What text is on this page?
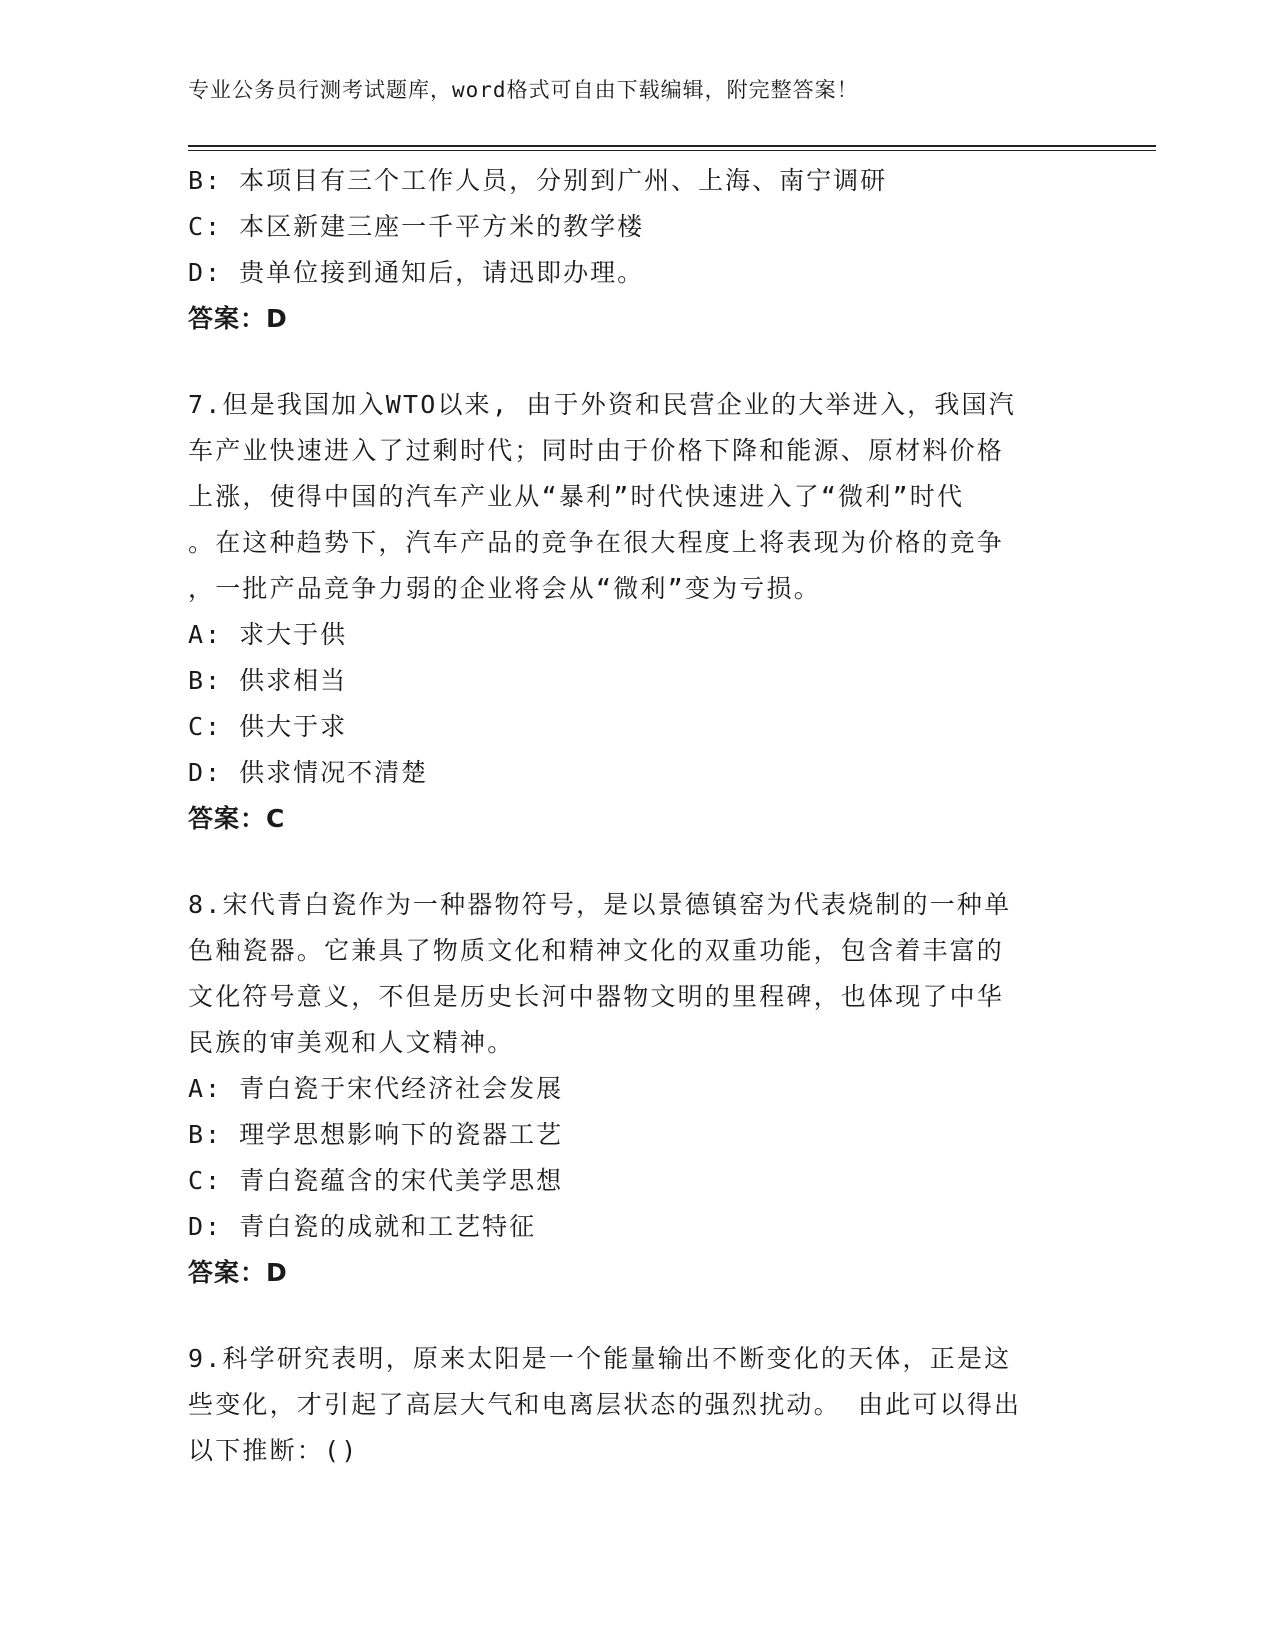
专业公务员行测考试题库，word格式可自由下载编辑，附完整答案！
B: 本项目有三个工作人员，分别到广州、上海、南宁调研
C: 本区新建三座一千平方米的教学楼
D: 贵单位接到通知后，请迅即办理。
答案：D
7.但是我国加入WTO以来, 由于外资和民营企业的大举进入，我国汽
车产业快速进入了过剩时代；同时由于价格下降和能源、原材料价格
上涨，使得中国的汽车产业从“暴利”时代快速进入了“微利”时代
。在这种趋势下，汽车产品的竞争在很大程度上将表现为价格的竞争
，一批产品竞争力弱的企业将会从“微利”变为亏损。
A: 求大于供
B: 供求相当
C: 供大于求
D: 供求情况不清楚
答案：C
8.宋代青白瓷作为一种器物符号，是以景德镇窑为代表烧制的一种单
色釉瓷器。它兼具了物质文化和精神文化的双重功能，包含着丰富的
文化符号意义，不但是历史长河中器物文明的里程碑，也体现了中华
民族的审美观和人文精神。
A: 青白瓷于宋代经济社会发展
B: 理学思想影响下的瓷器工艺
C: 青白瓷蕴含的宋代美学思想
D: 青白瓷的成就和工艺特征
答案：D
9.科学研究表明，原来太阳是一个能量输出不断变化的天体，正是这
些变化，才引起了高层大气和电离层状态的强烈扰动。 由此可以得出
以下推断：()
